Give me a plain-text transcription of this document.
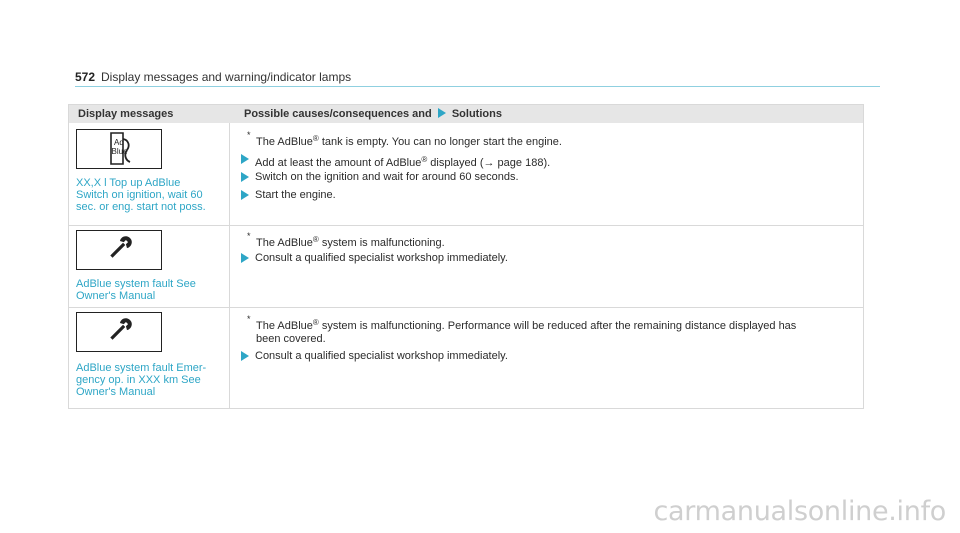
572 Display messages and warning/indicator lamps
Display messages	Possible causes/consequences and Solutions
Ad
Blue
XX,X l Top up AdBlue
Switch on ignition, wait 60
sec. or eng. start not poss.
*
The AdBlue® tank is empty. You can no longer start the engine.
Add at least the amount of AdBlue® displayed (→ page 188).
Switch on the ignition and wait for around 60 seconds.
Start the engine.
AdBlue system fault See
Owner's Manual
*
The AdBlue® system is malfunctioning.
Consult a qualified specialist workshop immediately.
AdBlue system fault Emer-
gency op. in XXX km See
Owner's Manual
*
The AdBlue® system is malfunctioning. Performance will be reduced after the remaining distance displayed has
been covered.
Consult a qualified specialist workshop immediately.
carmanualsonline.info
